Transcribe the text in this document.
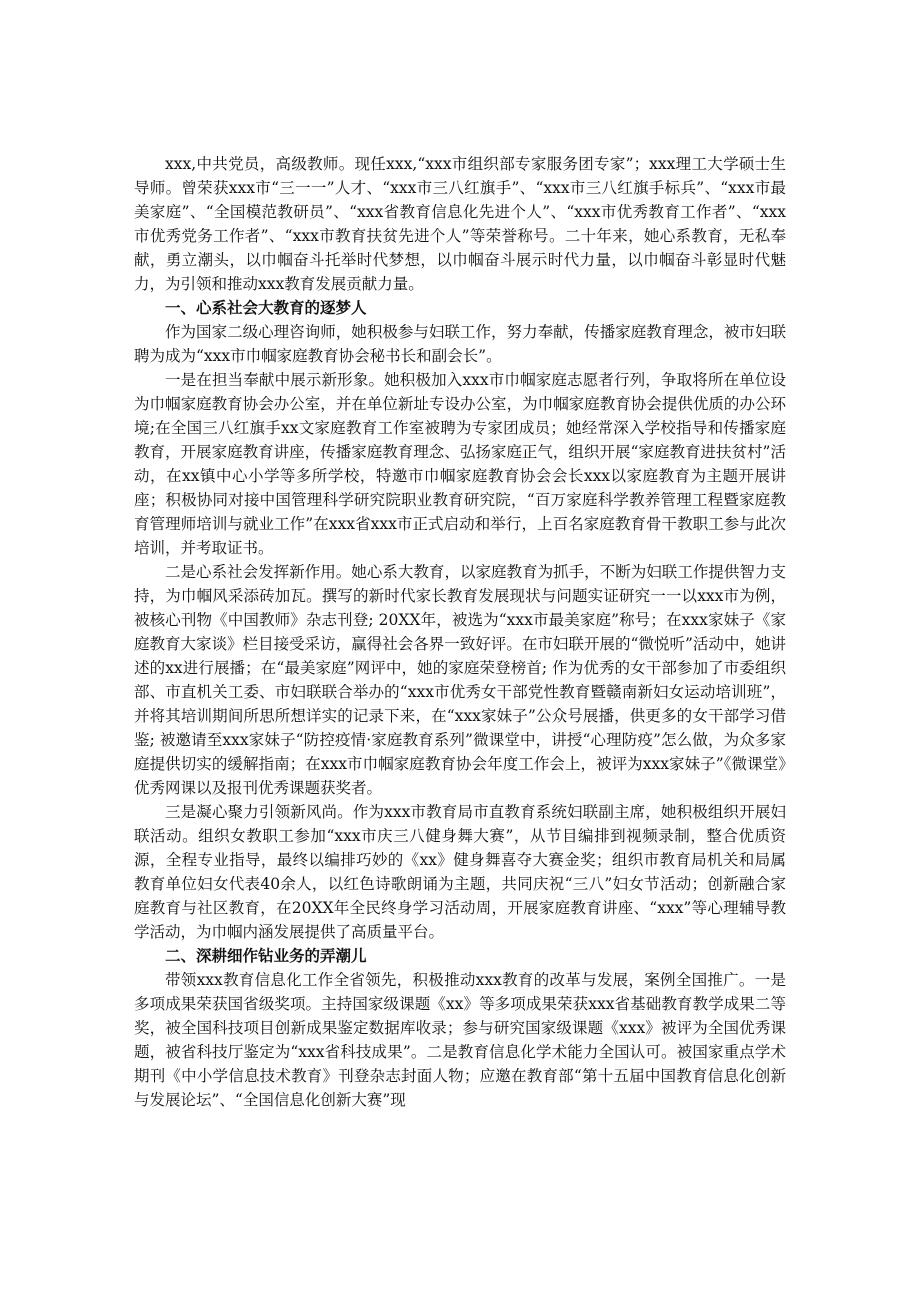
xxx,中共党员，高级教师。现任xxx,“xxx市组织部专家服务团专家”；xxx理工大学硕士生导师。曾荣获xxx市“三一一”人才、“xxx市三八红旗手”、“xxx市三八红旗手标兵”、“xxx市最美家庭”、“全国模范教研员”、“xxx省教育信息化先进个人”、“xxx市优秀教育工作者”、“xxx市优秀党务工作者”、“xxx市教育扶贫先进个人”等荣誉称号。二十年来，她心系教育，无私奉献，勇立潮头，以巾帼奋斗托举时代梦想，以巾帼奋斗展示时代力量，以巾帼奋斗彰显时代魅力，为引领和推动xxx教育发展贡献力量。

一、心系社会大教育的逐梦人

作为国家二级心理咨询师，她积极参与妇联工作，努力奉献，传播家庭教育理念，被市妇联聘为成为“xxx市巾帼家庭教育协会秘书长和副会长”。

一是在担当奉献中展示新形象。她积极加入xxx市巾帼家庭志愿者行列，争取将所在单位设为巾帼家庭教育协会办公室，并在单位新址专设办公室，为巾帼家庭教育协会提供优质的办公环境;在全国三八红旗手xx文家庭教育工作室被聘为专家团成员；她经常深入学校指导和传播家庭教育，开展家庭教育讲座，传播家庭教育理念、弘扬家庭正气，组织开展“家庭教育进扶贫村”活动，在xx镇中心小学等多所学校，特邀市巾帼家庭教育协会会长xxx以家庭教育为主题开展讲座；积极协同对接中国管理科学研究院职业教育研究院，“百万家庭科学教养管理工程暨家庭教育管理师培训与就业工作”在xxx省xxx市正式启动和举行，上百名家庭教育骨干教职工参与此次培训，并考取证书。

二是心系社会发挥新作用。她心系大教育，以家庭教育为抓手，不断为妇联工作提供智力支持，为巾帼风采添砖加瓦。撰写的新时代家长教育发展现状与问题实证研究一一以xxx市为例，被核心刊物《中国教师》杂志刊登; 20XX年，被选为“xxx市最美家庭”称号；在xxx家妹子《家庭教育大家谈》栏目接受采访，赢得社会各界一致好评。在市妇联开展的“微悦听”活动中，她讲述的xx进行展播；在“最美家庭”网评中，她的家庭荣登榜首; 作为优秀的女干部参加了市委组织部、市直机关工委、市妇联联合举办的“xxx市优秀女干部党性教育暨赣南新妇女运动培训班”，并将其培训期间所思所想详实的记录下来，在“xxx家妹子”公众号展播，供更多的女干部学习借鉴; 被邀请至xxx家妹子“防控疫情·家庭教育系列”微课堂中，讲授“心理防疫”怎么做，为众多家庭提供切实的缓解指南；在xxx市巾帼家庭教育协会年度工作会上，被评为xxx家妹子”《微课堂》优秀网课以及报刊优秀课题获奖者。

三是凝心聚力引领新风尚。作为xxx市教育局市直教育系统妇联副主席，她积极组织开展妇联活动。组织女教职工参加“xxx市庆三八健身舞大赛”，从节目编排到视频录制，整合优质资源，全程专业指导，最终以编排巧妙的《xx》健身舞喜夺大赛金奖；组织市教育局机关和局属教育单位妇女代表40余人，以红色诗歌朗诵为主题，共同庆祝“三八”妇女节活动；创新融合家庭教育与社区教育，在20XX年全民终身学习活动周，开展家庭教育讲座、“xxx”等心理辅导教学活动，为巾帼内涵发展提供了高质量平台。

二、深耕细作钻业务的弄潮儿

带领xxx教育信息化工作全省领先，积极推动xxx教育的改革与发展，案例全国推广。一是多项成果荣获国省级奖项。主持国家级课题《xx》等多项成果荣获xxx省基础教育教学成果二等奖，被全国科技项目创新成果鉴定数据库收录；参与研究国家级课题《xxx》被评为全国优秀课题，被省科技厅鉴定为“xxx省科技成果”。二是教育信息化学术能力全国认可。被国家重点学术期刊《中小学信息技术教育》刊登杂志封面人物；应邀在教育部“第十五届中国教育信息化创新与发展论坛”、“全国信息化创新大赛”现
